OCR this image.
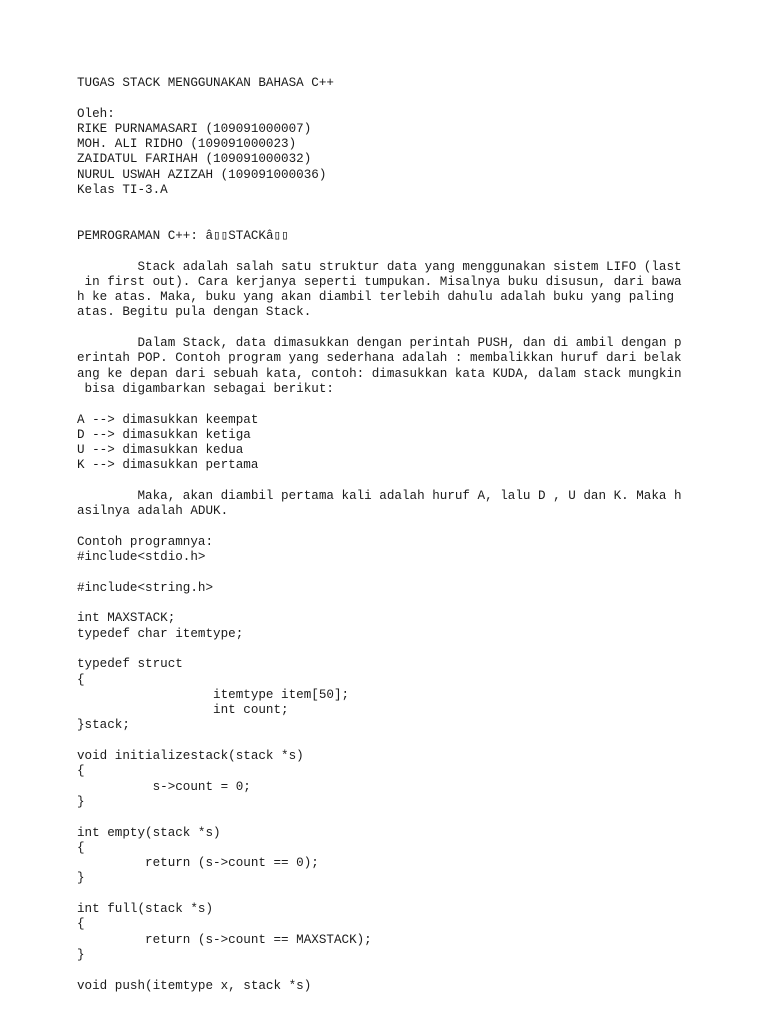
TUGAS STACK MENGGUNAKAN BAHASA C++
Oleh:
RIKE PURNAMASARI (109091000007)
MOH. ALI RIDHO (109091000023)
ZAIDATUL FARIHAH (109091000032)
NURUL USWAH AZIZAH (109091000036)
Kelas TI-3.A
PEMROGRAMAN C++: â▯▯STACKâ▯▯
Stack adalah salah satu struktur data yang menggunakan sistem LIFO (last
in first out). Cara kerjanya seperti tumpukan. Misalnya buku disusun, dari bawa
h ke atas. Maka, buku yang akan diambil terlebih dahulu adalah buku yang paling
atas. Begitu pula dengan Stack.
Dalam Stack, data dimasukkan dengan perintah PUSH, dan di ambil dengan p
erintah POP. Contoh program yang sederhana adalah : membalikkan huruf dari belak
ang ke depan dari sebuah kata, contoh: dimasukkan kata KUDA, dalam stack mungkin
bisa digambarkan sebagai berikut:
A --> dimasukkan keempat
D --> dimasukkan ketiga
U --> dimasukkan kedua
K --> dimasukkan pertama
Maka, akan diambil pertama kali adalah huruf A, lalu D , U dan K. Maka h
asilnya adalah ADUK.
Contoh programnya:
#include<stdio.h>
#include<string.h>
int MAXSTACK;
typedef char itemtype;
typedef struct
{
itemtype item[50];
int count;
}stack;
void initializestack(stack *s)
{
s->count = 0;
}
int empty(stack *s)
{
return (s->count == 0);
}
int full(stack *s)
{
return (s->count == MAXSTACK);
}
void push(itemtype x, stack *s)
